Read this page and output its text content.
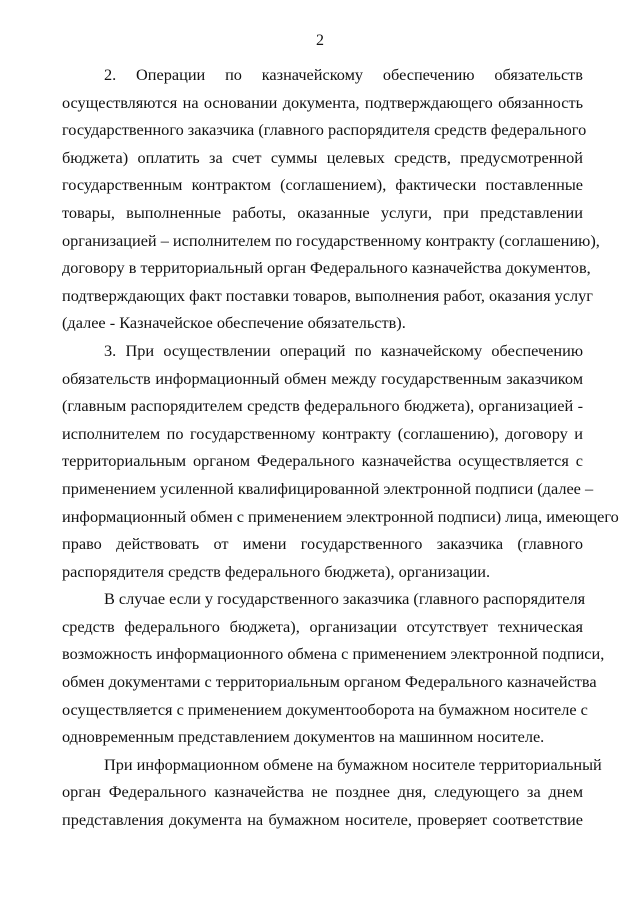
2
2. Операции по казначейскому обеспечению обязательств
осуществляются на основании документа, подтверждающего обязанность
государственного заказчика (главного распорядителя средств федерального
бюджета) оплатить за счет суммы целевых средств, предусмотренной
государственным контрактом (соглашением), фактически поставленные
товары, выполненные работы, оказанные услуги, при представлении
организацией – исполнителем по государственному контракту (соглашению),
договору в территориальный орган Федерального казначейства документов,
подтверждающих факт поставки товаров, выполнения работ, оказания услуг
(далее - Казначейское обеспечение обязательств).
3. При осуществлении операций по казначейскому обеспечению
обязательств информационный обмен между государственным заказчиком
(главным распорядителем средств федерального бюджета), организацией -
исполнителем по государственному контракту (соглашению), договору и
территориальным органом Федерального казначейства осуществляется с
применением усиленной квалифицированной электронной подписи (далее –
информационный обмен с применением электронной подписи) лица, имеющего
право действовать от имени государственного заказчика (главного
распорядителя средств федерального бюджета), организации.
В случае если у государственного заказчика (главного распорядителя
средств федерального бюджета), организации отсутствует техническая
возможность информационного обмена с применением электронной подписи,
обмен документами с территориальным органом Федерального казначейства
осуществляется с применением документооборота на бумажном носителе с
одновременным представлением документов на машинном носителе.
При информационном обмене на бумажном носителе территориальный
орган Федерального казначейства не позднее дня, следующего за днем
представления документа на бумажном носителе, проверяет соответствие
